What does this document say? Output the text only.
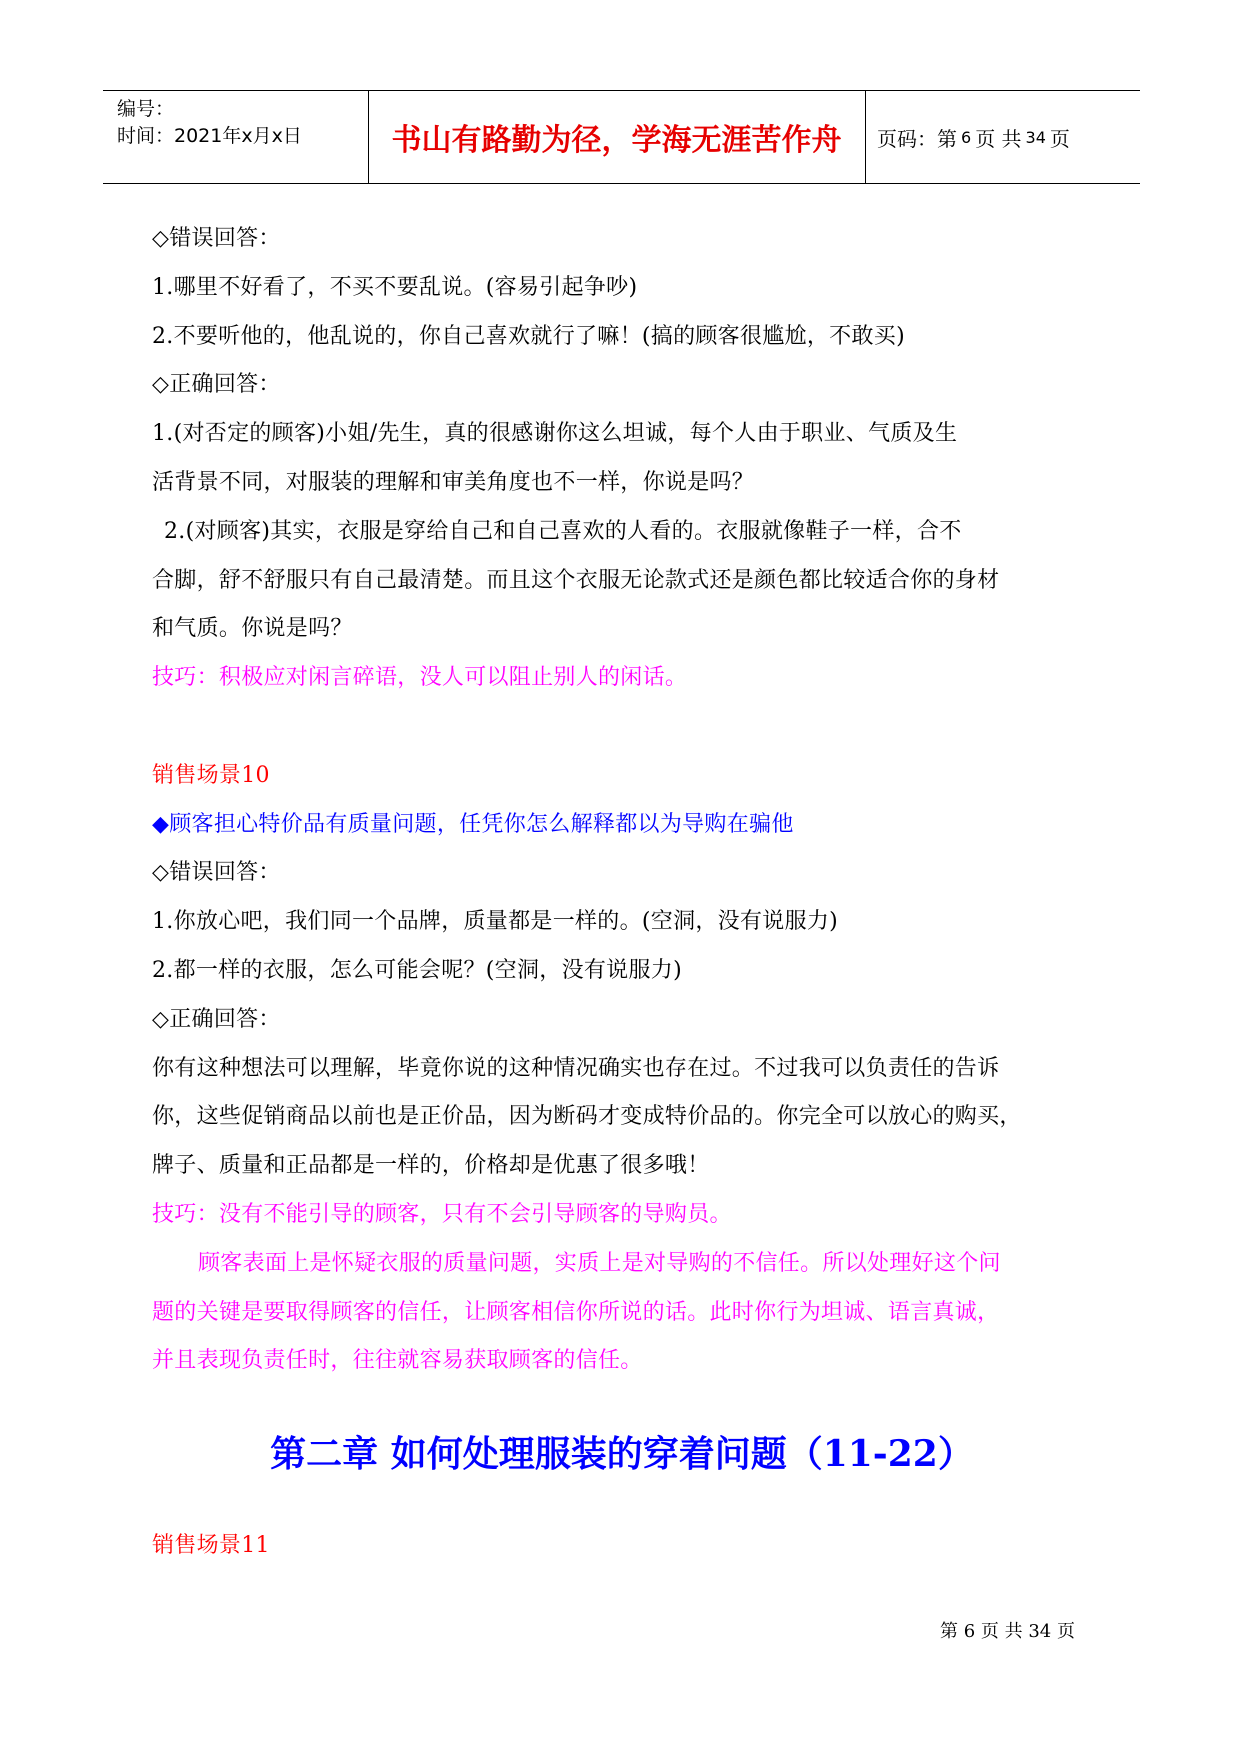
编号：
时间：2021年x月x日	书山有路勤为径，学海无涯苦作舟	页码：第 6 页 共 34 页
◇错误回答：
1.哪里不好看了，不买不要乱说。(容易引起争吵)
2.不要听他的，他乱说的，你自己喜欢就行了嘛！(搞的顾客很尴尬，不敢买)
◇正确回答：
1.(对否定的顾客)小姐/先生，真的很感谢你这么坦诚，每个人由于职业、气质及生
活背景不同，对服装的理解和审美角度也不一样，你说是吗？
2.(对顾客)其实，衣服是穿给自己和自己喜欢的人看的。衣服就像鞋子一样，合不
合脚，舒不舒服只有自己最清楚。而且这个衣服无论款式还是颜色都比较适合你的身材
和气质。你说是吗？
技巧：积极应对闲言碎语，没人可以阻止别人的闲话。
销售场景10
◆顾客担心特价品有质量问题，任凭你怎么解释都以为导购在骗他
◇错误回答：
1.你放心吧，我们同一个品牌，质量都是一样的。(空洞，没有说服力)
2.都一样的衣服，怎么可能会呢？(空洞，没有说服力)
◇正确回答：
你有这种想法可以理解，毕竟你说的这种情况确实也存在过。不过我可以负责任的告诉
你，这些促销商品以前也是正价品，因为断码才变成特价品的。你完全可以放心的购买，
牌子、质量和正品都是一样的，价格却是优惠了很多哦！
技巧：没有不能引导的顾客，只有不会引导顾客的导购员。
顾客表面上是怀疑衣服的质量问题，实质上是对导购的不信任。所以处理好这个问
题的关键是要取得顾客的信任，让顾客相信你所说的话。此时你行为坦诚、语言真诚，
并且表现负责任时，往往就容易获取顾客的信任。
第二章 如何处理服装的穿着问题（11-22）
销售场景11
第 6 页 共 34 页
